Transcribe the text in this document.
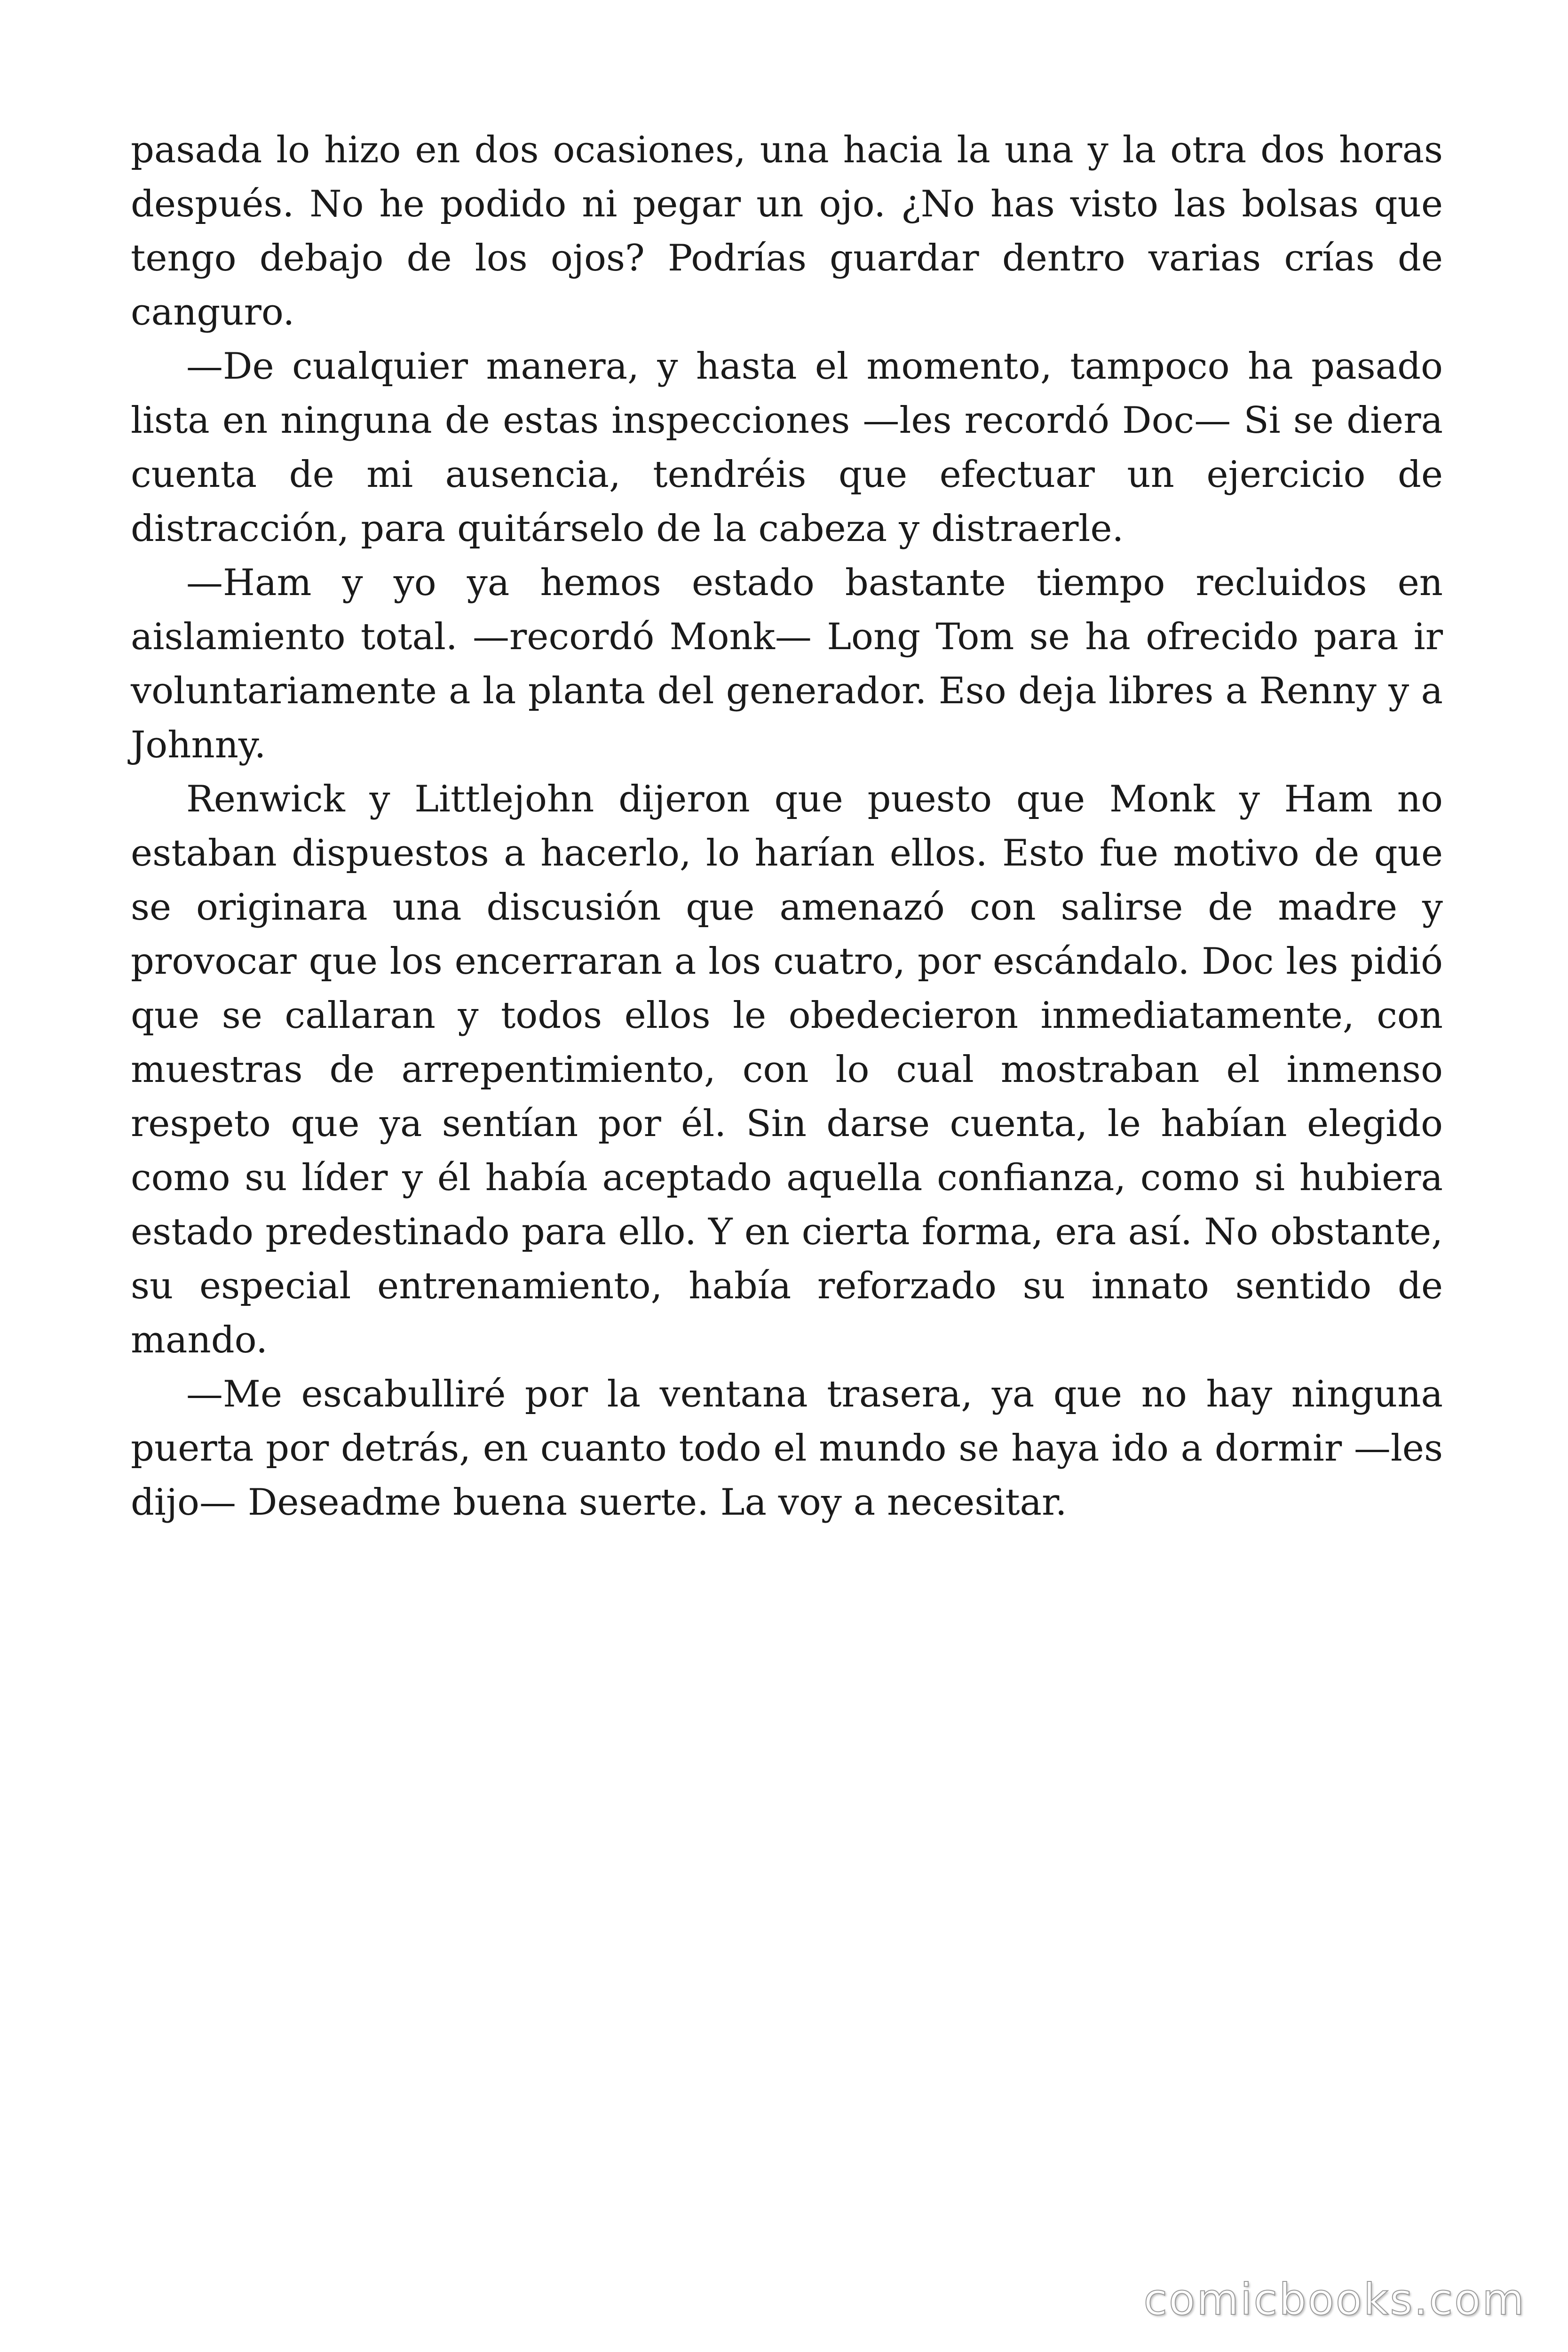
pasada lo hizo en dos ocasiones, una hacia la una y la otra dos horas después. No he podido ni pegar un ojo. ¿No has visto las bolsas que tengo debajo de los ojos? Podrías guardar dentro varias crías de canguro.

—De cualquier manera, y hasta el momento, tampoco ha pasado lista en ninguna de estas inspecciones —les recordó Doc— Si se diera cuenta de mi ausencia, tendréis que efectuar un ejercicio de distracción, para quitárselo de la cabeza y distraerle.

—Ham y yo ya hemos estado bastante tiempo recluidos en aislamiento total. —recordó Monk— Long Tom se ha ofrecido para ir voluntariamente a la planta del generador. Eso deja libres a Renny y a Johnny.

Renwick y Littlejohn dijeron que puesto que Monk y Ham no estaban dispuestos a hacerlo, lo harían ellos. Esto fue motivo de que se originara una discusión que amenazó con salirse de madre y provocar que los encerraran a los cuatro, por escándalo. Doc les pidió que se callaran y todos ellos le obedecieron inmediatamente, con muestras de arrepentimiento, con lo cual mostraban el inmenso respeto que ya sentían por él. Sin darse cuenta, le habían elegido como su líder y él había aceptado aquella confianza, como si hubiera estado predestinado para ello. Y en cierta forma, era así. No obstante, su especial entrenamiento, había reforzado su innato sentido de mando.

—Me escabulliré por la ventana trasera, ya que no hay ninguna puerta por detrás, en cuanto todo el mundo se haya ido a dormir —les dijo— Deseadme buena suerte. La voy a necesitar.

comicbooks.com
